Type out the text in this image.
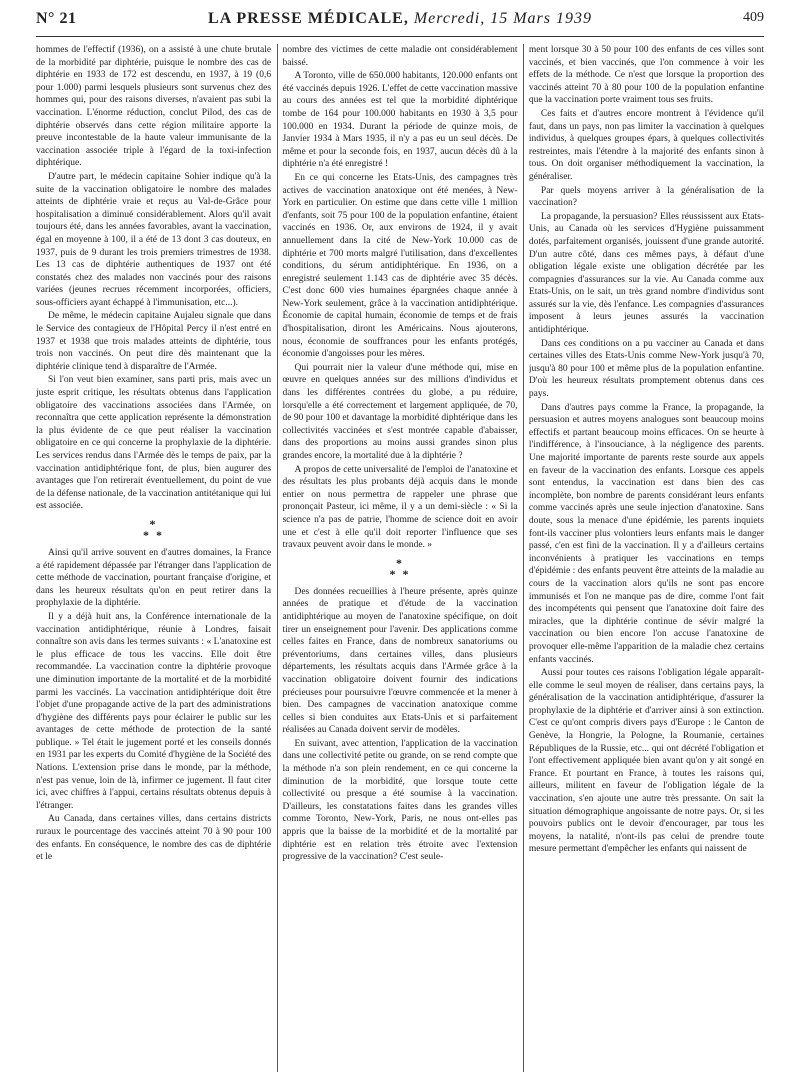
N° 21	LA PRESSE MÉDICALE, Mercredi, 15 Mars 1939	409

hommes de l'effectif (1936), on a assisté à une chute brutale de la morbidité par diphtérie, puisque le nombre des cas de diphtérie en 1933 de 172 est descendu, en 1937, à 19 (0,6 pour 1.000) parmi lesquels plusieurs sont survenus chez des hommes qui, pour des raisons diverses, n'avaient pas subi la vaccination. L'énorme réduction, conclut Pilod, des cas de diphtérie observés dans cette région militaire apporte la preuve incontestable de la haute valeur immunisante de la vaccination associée triple à l'égard de la toxi-infection diphtérique.

D'autre part, le médecin capitaine Sohier indique qu'à la suite de la vaccination obligatoire le nombre des malades atteints de diphtérie vraie et reçus au Val-de-Grâce pour hospitalisation a diminué considérablement. Alors qu'il avait toujours été, dans les années favorables, avant la vaccination, égal en moyenne à 100, il a été de 13 dont 3 cas douteux, en 1937, puis de 9 durant les trois premiers trimestres de 1938. Les 13 cas de diphtérie authentiques de 1937 ont été constatés chez des malades non vaccinés pour des raisons variées (jeunes recrues récemment incorporées, officiers, sous-officiers ayant échappé à l'immunisation, etc...).

De même, le médecin capitaine Aujaleu signale que dans le Service des contagieux de l'Hôpital Percy il n'est entré en 1937 et 1938 que trois malades atteints de diphtérie, tous trois non vaccinés. On peut dire dès maintenant que la diphtérie clinique tend à disparaître de l'Armée.

Si l'on veut bien examiner, sans parti pris, mais avec un juste esprit critique, les résultats obtenus dans l'application obligatoire des vaccinations associées dans l'Armée, on reconnaîtra que cette application représente la démonstration la plus évidente de ce que peut réaliser la vaccination obligatoire en ce qui concerne la prophylaxie de la diphtérie. Les services rendus dans l'Armée dès le temps de paix, par la vaccination antidiphtérique font, de plus, bien augurer des avantages que l'on retirerait éventuellement, du point de vue de la défense nationale, de la vaccination antitétanique qui lui est associée.

*
* *

Ainsi qu'il arrive souvent en d'autres domaines, la France a été rapidement dépassée par l'étranger dans l'application de cette méthode de vaccination, pourtant française d'origine, et dans les heureux résultats qu'on en peut retirer dans la prophylaxie de la diphtérie.

Il y a déjà huit ans, la Conférence internationale de la vaccination antidiphtérique, réunie à Londres, faisait connaître son avis dans les termes suivants : « L'anatoxine est le plus efficace de tous les vaccins. Elle doit être recommandée. La vaccination contre la diphtérie provoque une diminution importante de la mortalité et de la morbidité parmi les vaccinés. La vaccination antidiphtérique doit être l'objet d'une propagande active de la part des administrations d'hygiène des différents pays pour éclairer le public sur les avantages de cette méthode de protection de la santé publique. » Tel était le jugement porté et les conseils donnés en 1931 par les experts du Comité d'hygiène de la Société des Nations. L'extension prise dans le monde, par la méthode, n'est pas venue, loin de là, infirmer ce jugement. Il faut citer ici, avec chiffres à l'appui, certains résultats obtenus depuis à l'étranger.

Au Canada, dans certaines villes, dans certains districts ruraux le pourcentage des vaccinés atteint 70 à 90 pour 100 des enfants. En conséquence, le nombre des cas de diphtérie et le

nombre des victimes de cette maladie ont considérablement baissé.

A Toronto, ville de 650.000 habitants, 120.000 enfants ont été vaccinés depuis 1926. L'effet de cette vaccination massive au cours des années est tel que la morbidité diphtérique tombe de 164 pour 100.000 habitants en 1930 à 3,5 pour 100.000 en 1934. Durant la période de quinze mois, de Janvier 1934 à Mars 1935, il n'y a pas eu un seul décès. De même et pour la seconde fois, en 1937, aucun décès dû à la diphtérie n'a été enregistré !

En ce qui concerne les Etats-Unis, des campagnes très actives de vaccination anatoxique ont été menées, à New-York en particulier. On estime que dans cette ville 1 million d'enfants, soit 75 pour 100 de la population enfantine, étaient vaccinés en 1936. Or, aux environs de 1924, il y avait annuellement dans la cité de New-York 10.000 cas de diphtérie et 700 morts malgré l'utilisation, dans d'excellentes conditions, du sérum antidiphtérique. En 1936, on a enregistré seulement 1.143 cas de diphtérie avec 35 décès. C'est donc 600 vies humaines épargnées chaque année à New-York seulement, grâce à la vaccination antidiphtérique. Économie de capital humain, économie de temps et de frais d'hospitalisation, diront les Américains. Nous ajouterons, nous, économie de souffrances pour les enfants protégés, économie d'angoisses pour les mères.

Qui pourrait nier la valeur d'une méthode qui, mise en œuvre en quelques années sur des millions d'individus et dans les différentes contrées du globe, a pu réduire, lorsqu'elle a été correctement et largement appliquée, de 70, de 90 pour 100 et davantage la morbidité diphtérique dans les collectivités vaccinées et s'est montrée capable d'abaisser, dans des proportions au moins aussi grandes sinon plus grandes encore, la mortalité due à la diphtérie ?

A propos de cette universalité de l'emploi de l'anatoxine et des résultats les plus probants déjà acquis dans le monde entier on nous permettra de rappeler une phrase que prononçait Pasteur, ici même, il y a un demi-siècle : « Si la science n'a pas de patrie, l'homme de science doit en avoir une et c'est à elle qu'il doit reporter l'influence que ses travaux peuvent avoir dans le monde. »

*
* *

Des données recueillies à l'heure présente, après quinze années de pratique et d'étude de la vaccination antidiphtérique au moyen de l'anatoxine spécifique, on doit tirer un enseignement pour l'avenir. Des applications comme celles faites en France, dans de nombreux sanatoriums ou préventoriums, dans certaines villes, dans plusieurs départements, les résultats acquis dans l'Armée grâce à la vaccination obligatoire doivent fournir des indications précieuses pour poursuivre l'œuvre commencée et la mener à bien. Des campagnes de vaccination anatoxique comme celles si bien conduites aux Etats-Unis et si parfaitement réalisées au Canada doivent servir de modèles.

En suivant, avec attention, l'application de la vaccination dans une collectivité petite ou grande, on se rend compte que la méthode n'a son plein rendement, en ce qui concerne la diminution de la morbidité, que lorsque toute cette collectivité ou presque a été soumise à la vaccination. D'ailleurs, les constatations faites dans les grandes villes comme Toronto, New-York, Paris, ne nous ont-elles pas appris que la baisse de la morbidité et de la mortalité par diphtérie est en relation très étroite avec l'extension progressive de la vaccination? C'est seule-

ment lorsque 30 à 50 pour 100 des enfants de ces villes sont vaccinés, et bien vaccinés, que l'on commence à voir les effets de la méthode. Ce n'est que lorsque la proportion des vaccinés atteint 70 à 80 pour 100 de la population enfantine que la vaccination porte vraiment tous ses fruits.

Ces faits et d'autres encore montrent à l'évidence qu'il faut, dans un pays, non pas limiter la vaccination à quelques individus, à quelques groupes épars, à quelques collectivités restreintes, mais l'étendre à la majorité des enfants sinon à tous. On doit organiser méthodiquement la vaccination, la généraliser.

Par quels moyens arriver à la généralisation de la vaccination?

La propagande, la persuasion? Elles réussissent aux Etats-Unis, au Canada où les services d'Hygiène puissamment dotés, parfaitement organisés, jouissent d'une grande autorité. D'un autre côté, dans ces mêmes pays, à défaut d'une obligation légale existe une obligation décrétée par les compagnies d'assurances sur la vie. Au Canada comme aux Etats-Unis, on le sait, un très grand nombre d'individus sont assurés sur la vie, dès l'enfance. Les compagnies d'assurances imposent à leurs jeunes assurés la vaccination antidiphtérique.

Dans ces conditions on a pu vacciner au Canada et dans certaines villes des Etats-Unis comme New-York jusqu'à 70, jusqu'à 80 pour 100 et même plus de la population enfantine. D'où les heureux résultats promptement obtenus dans ces pays.

Dans d'autres pays comme la France, la propagande, la persuasion et autres moyens analogues sont beaucoup moins effectifs et partant beaucoup moins efficaces. On se heurte à l'indifférence, à l'insouciance, à la négligence des parents. Une majorité importante de parents reste sourde aux appels en faveur de la vaccination des enfants. Lorsque ces appels sont entendus, la vaccination est dans bien des cas incomplète, bon nombre de parents considérant leurs enfants comme vaccinés après une seule injection d'anatoxine. Sans doute, sous la menace d'une épidémie, les parents inquiets font-ils vacciner plus volontiers leurs enfants mais le danger passé, c'en est fini de la vaccination. Il y a d'ailleurs certains inconvénients à pratiquer les vaccinations en temps d'épidémie : des enfants peuvent être atteints de la maladie au cours de la vaccination alors qu'ils ne sont pas encore immunisés et l'on ne manque pas de dire, comme l'ont fait des incompétents qui pensent que l'anatoxine doit faire des miracles, que la diphtérie continue de sévir malgré la vaccination ou bien encore l'on accuse l'anatoxine de provoquer elle-même l'apparition de la maladie chez certains enfants vaccinés.

Aussi pour toutes ces raisons l'obligation légale apparaît-elle comme le seul moyen de réaliser, dans certains pays, la généralisation de la vaccination antidiphtérique, d'assurer la prophylaxie de la diphtérie et d'arriver ainsi à son extinction. C'est ce qu'ont compris divers pays d'Europe : le Canton de Genève, la Hongrie, la Pologne, la Roumanie, certaines Républiques de la Russie, etc... qui ont décrété l'obligation et l'ont effectivement appliquée bien avant qu'on y ait songé en France. Et pourtant en France, à toutes les raisons qui, ailleurs, militent en faveur de l'obligation légale de la vaccination, s'en ajoute une autre très pressante. On sait la situation démographique angoissante de notre pays. Or, si les pouvoirs publics ont le devoir d'encourager, par tous les moyens, la natalité, n'ont-ils pas celui de prendre toute mesure permettant d'empêcher les enfants qui naissent de
